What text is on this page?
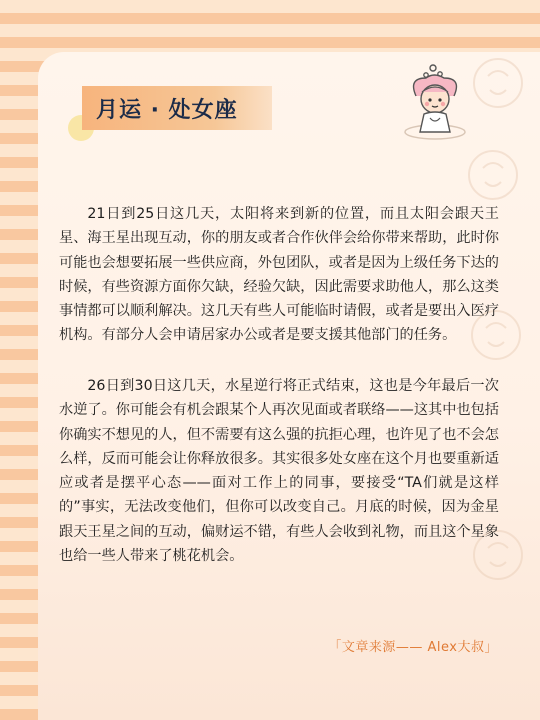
月运 · 处女座

21日到25日这几天，太阳将来到新的位置，而且太阳会跟天王星、海王星出现互动，你的朋友或者合作伙伴会给你带来帮助，此时你可能也会想要拓展一些供应商，外包团队，或者是因为上级任务下达的时候，有些资源方面你欠缺，经验欠缺，因此需要求助他人，那么这类事情都可以顺利解决。这几天有些人可能临时请假，或者是要出入医疗机构。有部分人会申请居家办公或者是要支援其他部门的任务。

26日到30日这几天，水星逆行将正式结束，这也是今年最后一次水逆了。你可能会有机会跟某个人再次见面或者联络——这其中也包括你确实不想见的人，但不需要有这么强的抗拒心理，也许见了也不会怎么样，反而可能会让你释放很多。其实很多处女座在这个月也要重新适应或者是摆平心态——面对工作上的同事，要接受“TA们就是这样的”事实，无法改变他们，但你可以改变自己。月底的时候，因为金星跟天王星之间的互动，偏财运不错，有些人会收到礼物，而且这个星象也给一些人带来了桃花机会。

「文章来源—— Alex大叔」
